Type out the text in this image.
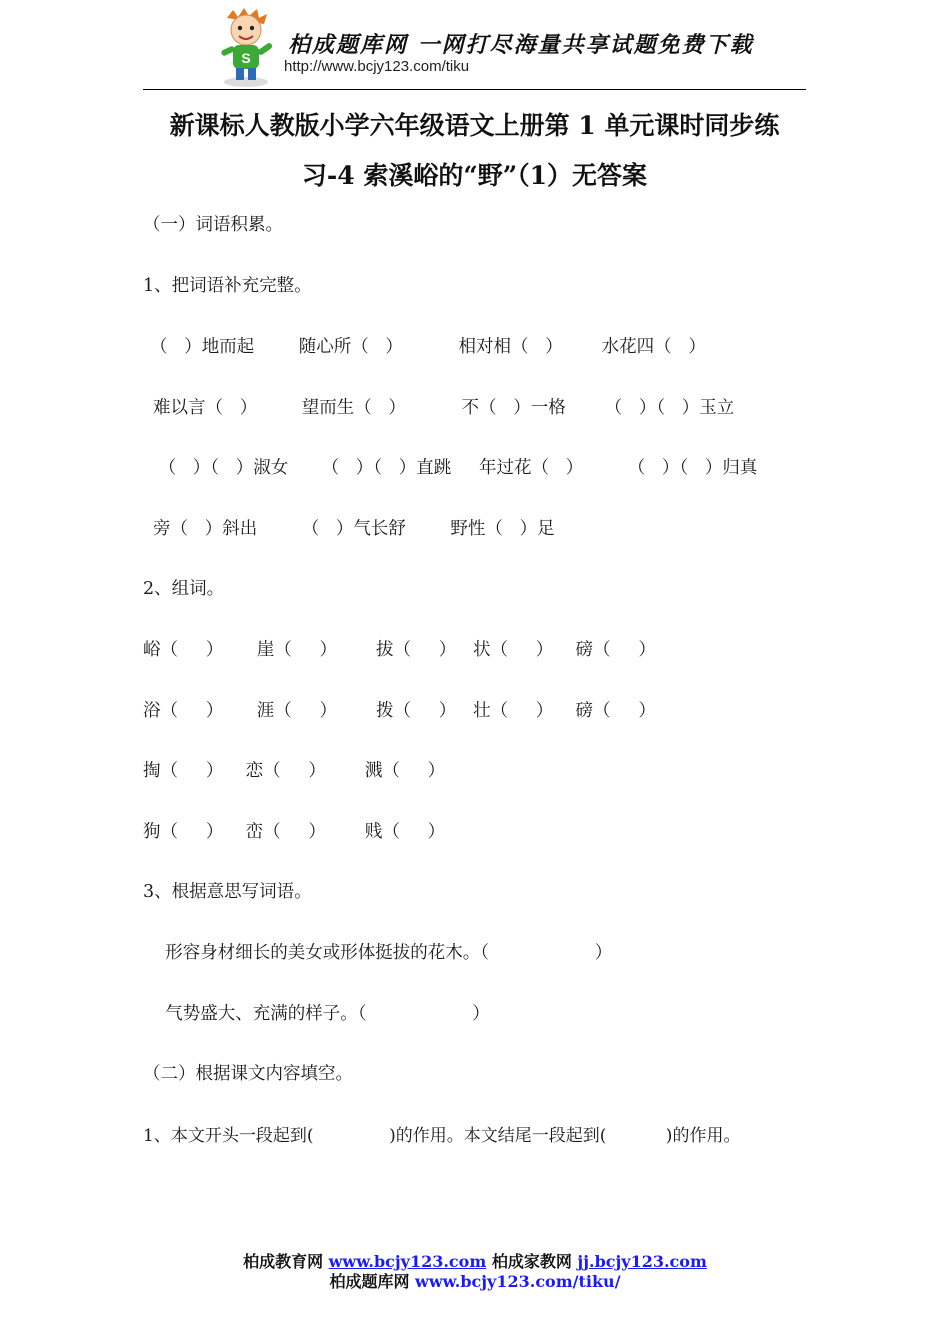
S 柏成题库网 一网打尽海量共享试题免费下载
http://www.bcjy123.com/tiku
新课标人教版小学六年级语文上册第 1 单元课时同步练
习-4 索溪峪的“野”（1）无答案
（一）词语积累。
1、把词语补充完整。
（   ）地而起        随心所（   ）          相对相（   ）       水花四（   ）
难以言（   ）        望而生（   ）          不（   ）一格       （   ）（   ）玉立
（   ）（   ）淑女      （   ）（   ）直跳     年过花（   ）        （   ）（   ）归真
旁（   ）斜出        （   ）气长舒        野性（   ）足
2、组词。
峪（     ）      崖（     ）       拔（     ）   状（     ）    磅（     ）
浴（     ）      涯（     ）       拨（     ）   壮（     ）    磅（     ）
掏（     ）    恋（     ）       溅（     ）
狗（     ）    峦（     ）       贱（     ）
3、根据意思写词语。
形容身材细长的美女或形体挺拔的花木。（                   ）
气势盛大、充满的样子。（                   ）
（二）根据课文内容填空。
1、本文开头一段起到(              )的作用。本文结尾一段起到(           )的作用。
柏成教育网 www.bcjy123.com 柏成家教网 jj.bcjy123.com
柏成题库网 www.bcjy123.com/tiku/
